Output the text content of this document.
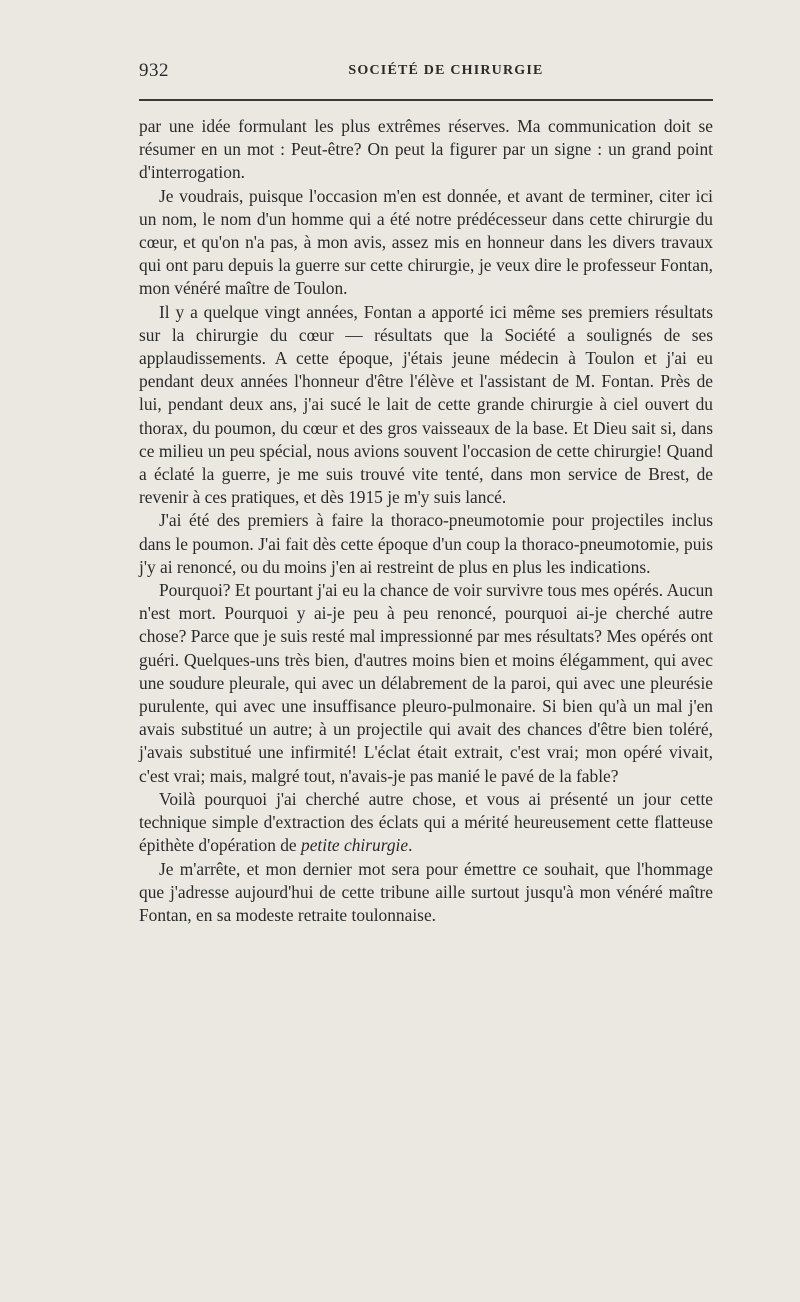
932	SOCIÉTÉ DE CHIRURGIE

par une idée formulant les plus extrêmes réserves. Ma communication doit se résumer en un mot : Peut-être? On peut la figurer par un signe : un grand point d'interrogation.

Je voudrais, puisque l'occasion m'en est donnée, et avant de terminer, citer ici un nom, le nom d'un homme qui a été notre prédécesseur dans cette chirurgie du cœur, et qu'on n'a pas, à mon avis, assez mis en honneur dans les divers travaux qui ont paru depuis la guerre sur cette chirurgie, je veux dire le professeur Fontan, mon vénéré maître de Toulon.

Il y a quelque vingt années, Fontan a apporté ici même ses premiers résultats sur la chirurgie du cœur — résultats que la Société a soulignés de ses applaudissements. A cette époque, j'étais jeune médecin à Toulon et j'ai eu pendant deux années l'honneur d'être l'élève et l'assistant de M. Fontan. Près de lui, pendant deux ans, j'ai sucé le lait de cette grande chirurgie à ciel ouvert du thorax, du poumon, du cœur et des gros vaisseaux de la base. Et Dieu sait si, dans ce milieu un peu spécial, nous avions souvent l'occasion de cette chirurgie! Quand a éclaté la guerre, je me suis trouvé vite tenté, dans mon service de Brest, de revenir à ces pratiques, et dès 1915 je m'y suis lancé.

J'ai été des premiers à faire la thoraco-pneumotomie pour projectiles inclus dans le poumon. J'ai fait dès cette époque d'un coup la thoraco-pneumotomie, puis j'y ai renoncé, ou du moins j'en ai restreint de plus en plus les indications.

Pourquoi? Et pourtant j'ai eu la chance de voir survivre tous mes opérés. Aucun n'est mort. Pourquoi y ai-je peu à peu renoncé, pourquoi ai-je cherché autre chose? Parce que je suis resté mal impressionné par mes résultats? Mes opérés ont guéri. Quelques-uns très bien, d'autres moins bien et moins élégamment, qui avec une soudure pleurale, qui avec un délabrement de la paroi, qui avec une pleurésie purulente, qui avec une insuffisance pleuro-pulmonaire. Si bien qu'à un mal j'en avais substitué un autre; à un projectile qui avait des chances d'être bien toléré, j'avais substitué une infirmité! L'éclat était extrait, c'est vrai; mon opéré vivait, c'est vrai; mais, malgré tout, n'avais-je pas manié le pavé de la fable?

Voilà pourquoi j'ai cherché autre chose, et vous ai présenté un jour cette technique simple d'extraction des éclats qui a mérité heureusement cette flatteuse épithète d'opération de petite chirurgie.

Je m'arrête, et mon dernier mot sera pour émettre ce souhait, que l'hommage que j'adresse aujourd'hui de cette tribune aille surtout jusqu'à mon vénéré maître Fontan, en sa modeste retraite toulonnaise.
